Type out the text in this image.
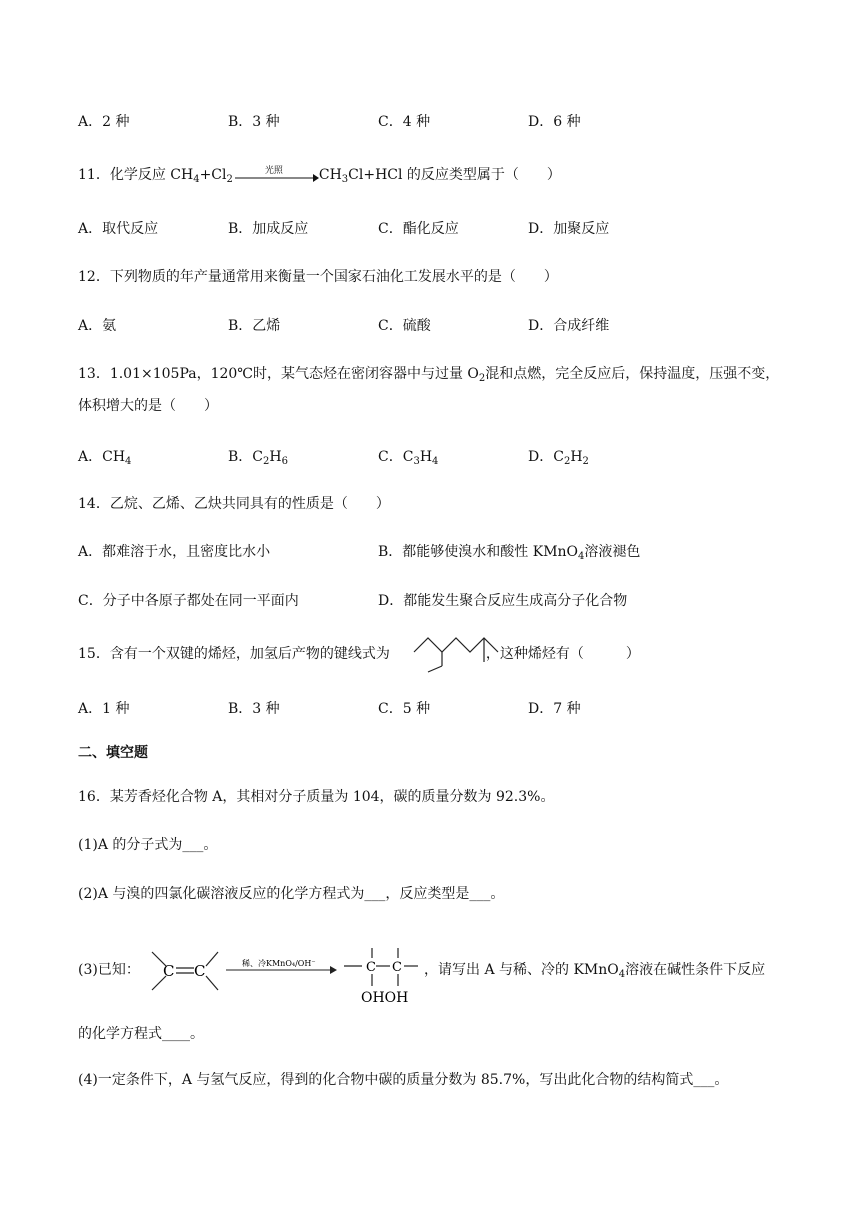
A．2 种	B．3 种	C．4 种	D．6 种
11．化学反应 $CH_4+Cl_2$
光照	$CH_3Cl+HCl$ 的反应类型属于（　　）
A．取代反应	B．加成反应	C．酯化反应	D．加聚反应
12．下列物质的年产量通常用来衡量一个国家石油化工发展水平的是（　　）
A．氨	B．乙烯	C．硫酸	D．合成纤维
13．1.01×105Pa，120℃时，某气态烃在密闭容器中与过量 $O_2$混和点燃，完全反应后，保持温度，压强不变，
体积增大的是（　　）
A．$CH_4$	B．$C_2H_6$	C．$C_3H_4$	D．$C_2H_2$
14．乙烷、乙烯、乙炔共同具有的性质是（　　）
A．都难溶于水，且密度比水小	B．都能够使溴水和酸性 KMnO$_4$溶液褪色
C．分子中各原子都处在同一平面内	D．都能发生聚合反应生成高分子化合物
15．含有一个双键的烯烃，加氢后产物的键线式为	，这种烯烃有（　　　）
A．1 种	B．3 种	C．5 种	D．7 种
二、填空题
16．某芳香烃化合物 A，其相对分子质量为 104，碳的质量分数为 92.3%。
(1)A 的分子式为___。
(2)A 与溴的四氯化碳溶液反应的化学方程式为___，反应类型是___。
(3)已知： C C	稀、冷KMnO₄/OH⁻	C C
OHOH
，请写出 A 与稀、冷的 KMnO$_4$溶液在碱性条件下反应
的化学方程式____。
(4)一定条件下，A 与氢气反应，得到的化合物中碳的质量分数为 85.7%，写出此化合物的结构简式___。
